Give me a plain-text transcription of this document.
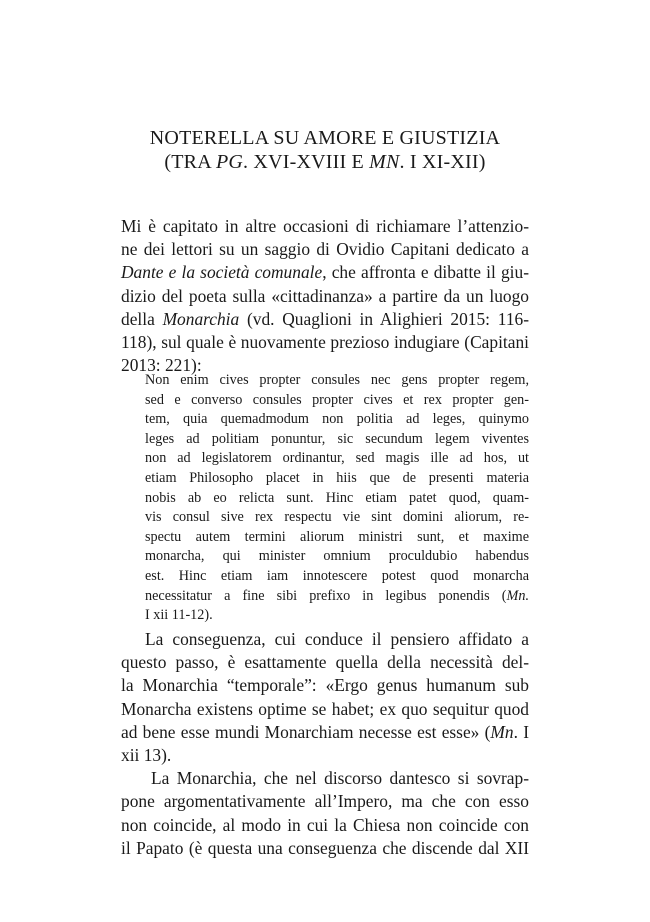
NOTERELLA SU AMORE E GIUSTIZIA
(TRA PG. XVI-XVIII E MN. I XI-XII)
Mi è capitato in altre occasioni di richiamare l’attenzio-
ne dei lettori su un saggio di Ovidio Capitani dedicato a
Dante e la società comunale, che affronta e dibatte il giu-
dizio del poeta sulla «cittadinanza» a partire da un luogo
della Monarchia (vd. Quaglioni in Alighieri 2015: 116-
118), sul quale è nuovamente prezioso indugiare (Capitani
2013: 221):
Non enim cives propter consules nec gens propter regem,
sed e converso consules propter cives et rex propter gen-
tem, quia quemadmodum non politia ad leges, quinymo
leges ad politiam ponuntur, sic secundum legem viventes
non ad legislatorem ordinantur, sed magis ille ad hos, ut
etiam Philosopho placet in hiis que de presenti materia
nobis ab eo relicta sunt. Hinc etiam patet quod, quam-
vis consul sive rex respectu vie sint domini aliorum, re-
spectu autem termini aliorum ministri sunt, et maxime
monarcha, qui minister omnium proculdubio habendus
est. Hinc etiam iam innotescere potest quod monarcha
necessitatur a fine sibi prefixo in legibus ponendis (Mn.
I xii 11-12).
La conseguenza, cui conduce il pensiero affidato a
questo passo, è esattamente quella della necessità del-
la Monarchia “temporale”: «Ergo genus humanum sub
Monarcha existens optime se habet; ex quo sequitur quod
ad bene esse mundi Monarchiam necesse est esse» (Mn. I
xii 13).
La Monarchia, che nel discorso dantesco si sovrap-
pone argomentativamente all’Impero, ma che con esso
non coincide, al modo in cui la Chiesa non coincide con
il Papato (è questa una conseguenza che discende dal XII
